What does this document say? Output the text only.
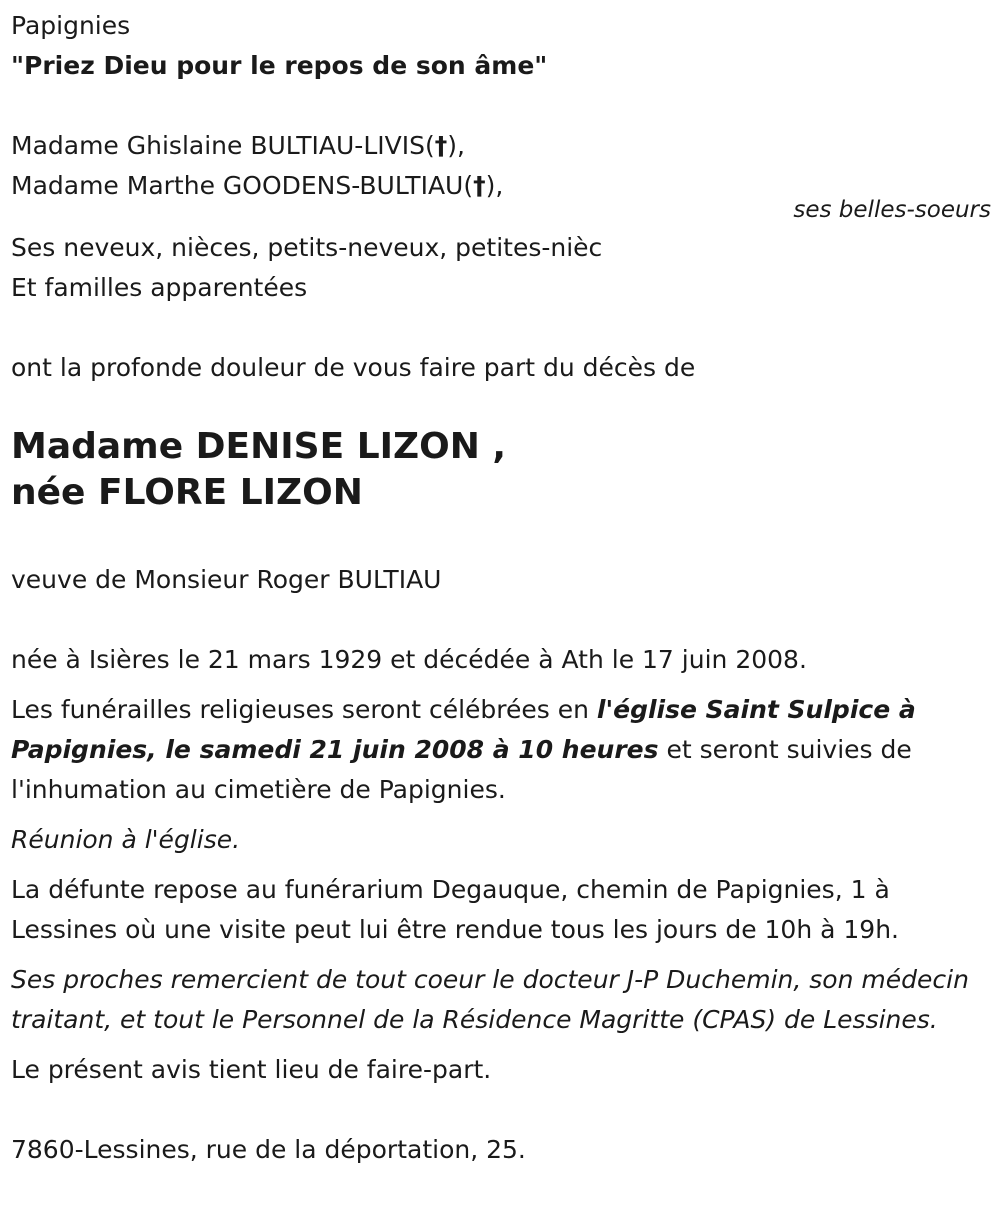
Papignies
"Priez Dieu pour le repos de son âme"

Madame Ghislaine BULTIAU-LIVIS(†),
Madame Marthe GOODENS-BULTIAU(†),

Ses neveux, nièces, petits-neveux, petites-nièc
Et familles apparentées

ont la profonde douleur de vous faire part du décès de

Madame DENISE LIZON ,
née FLORE LIZON

veuve de Monsieur Roger BULTIAU

née à Isières le 21 mars 1929 et décédée à Ath le 17 juin 2008.

Les funérailles religieuses seront célébrées en l'église Saint Sulpice à Papignies, le samedi 21 juin 2008 à 10 heures et seront suivies de l'inhumation au cimetière de Papignies.

Réunion à l'église.

La défunte repose au funérarium Degauque, chemin de Papignies, 1 à Lessines où une visite peut lui être rendue tous les jours de 10h à 19h.

Ses proches remercient de tout coeur le docteur J-P Duchemin, son médecin traitant, et tout le Personnel de la Résidence Magritte (CPAS) de Lessines.

Le présent avis tient lieu de faire-part.

7860-Lessines, rue de la déportation, 25.
ses belles-soeurs
